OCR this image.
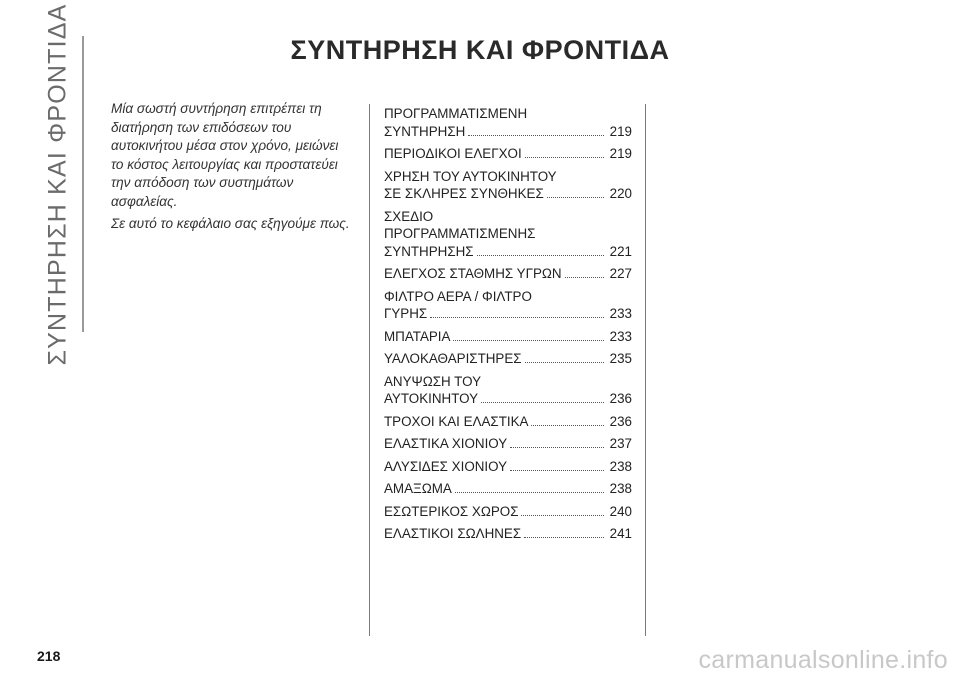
ΣΥΝΤΗΡΗΣΗ ΚΑΙ ΦΡΟΝΤΙΔΑ	ΣΥΝΤΗΡΗΣΗ ΚΑΙ ΦΡΟΝΤΙΔΑ

Μία σωστή συντήρηση επιτρέπει τη διατήρηση των επιδόσεων του αυτοκινήτου μέσα στον χρόνο, μειώνει το κόστος λειτουργίας και προστατεύει την απόδοση των συστημάτων ασφαλείας.

Σε αυτό το κεφάλαιο σας εξηγούμε πως.

ΠΡΟΓΡΑΜΜΑΤΙΣΜΕΝΗ
ΣΥΝΤΗΡΗΣΗ	219
ΠΕΡΙΟΔΙΚΟΙ ΕΛΕΓΧΟΙ	219
ΧΡΗΣΗ ΤΟΥ ΑΥΤΟΚΙΝΗΤΟΥ
ΣΕ ΣΚΛΗΡΕΣ ΣΥΝΘΗΚΕΣ	220
ΣΧΕΔΙΟ
ΠΡΟΓΡΑΜΜΑΤΙΣΜΕΝΗΣ
ΣΥΝΤΗΡΗΣΗΣ	221
ΕΛΕΓΧΟΣ ΣΤΑΘΜΗΣ ΥΓΡΩΝ	227
ΦΙΛΤΡΟ ΑΕΡΑ / ΦΙΛΤΡΟ
ΓΥΡΗΣ	233
ΜΠΑΤΑΡΙΑ	233
ΥΑΛΟΚΑΘΑΡΙΣΤΗΡΕΣ	235
ΑΝΥΨΩΣΗ ΤΟΥ
ΑΥΤΟΚΙΝΗΤΟΥ	236
ΤΡΟΧΟΙ ΚΑΙ ΕΛΑΣΤΙΚΑ	236
ΕΛΑΣΤΙΚΑ ΧΙΟΝΙΟΥ	237
ΑΛΥΣΙΔΕΣ ΧΙΟΝΙΟΥ	238
ΑΜΑΞΩΜΑ	238
ΕΣΩΤΕΡΙΚΟΣ ΧΩΡΟΣ	240
ΕΛΑΣΤΙΚΟΙ ΣΩΛΗΝΕΣ	241
218	carmanualsonline.info
